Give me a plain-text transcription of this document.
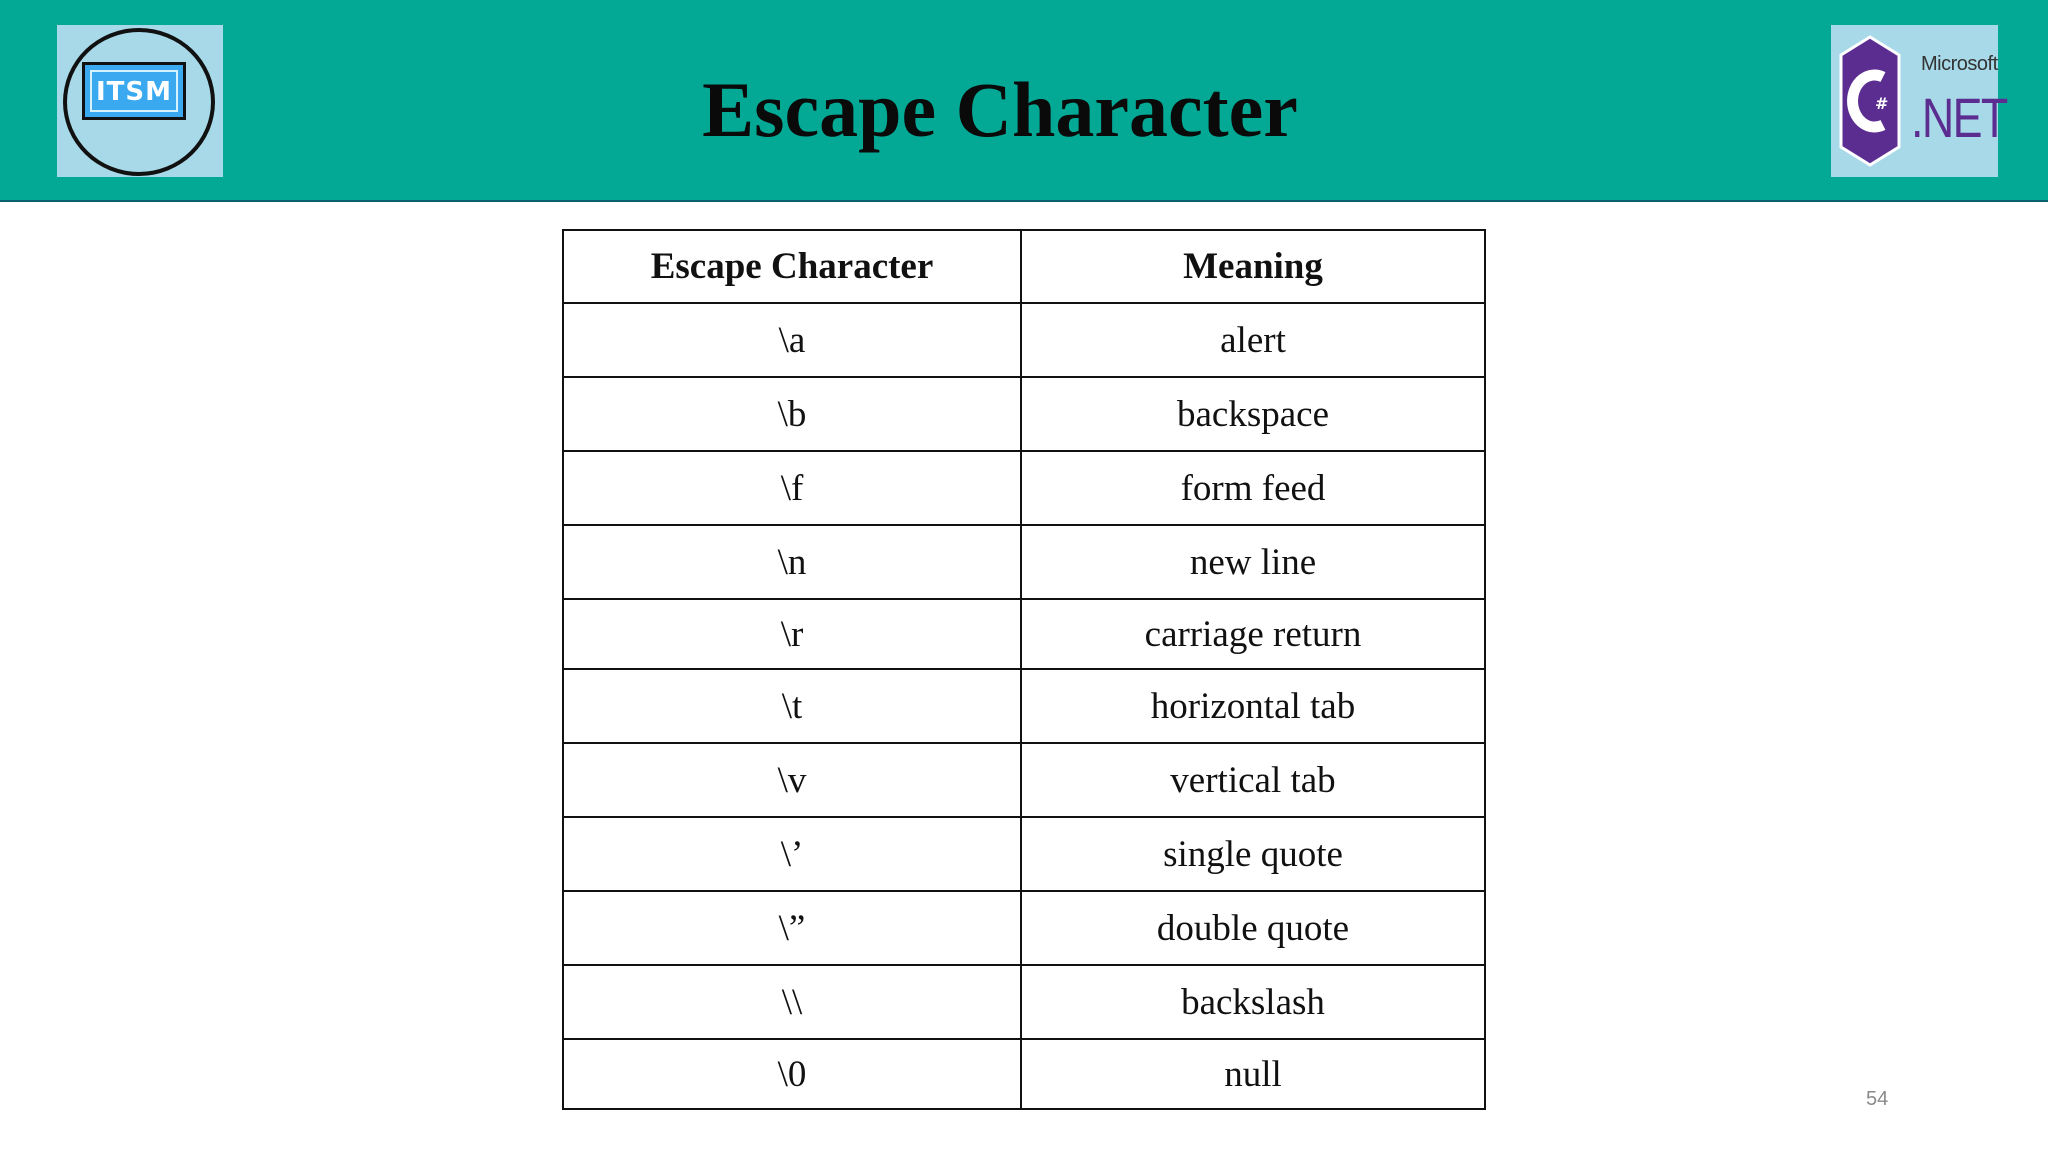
ITSM	Escape Character	#
Microsoft
.NET
Escape Character	Meaning
\a	alert
\b	backspace
\f	form feed
\n	new line
\r	carriage return
\t	horizontal tab
\v	vertical tab
\’	single quote
\”	double quote
\\	backslash
\0	null
54
